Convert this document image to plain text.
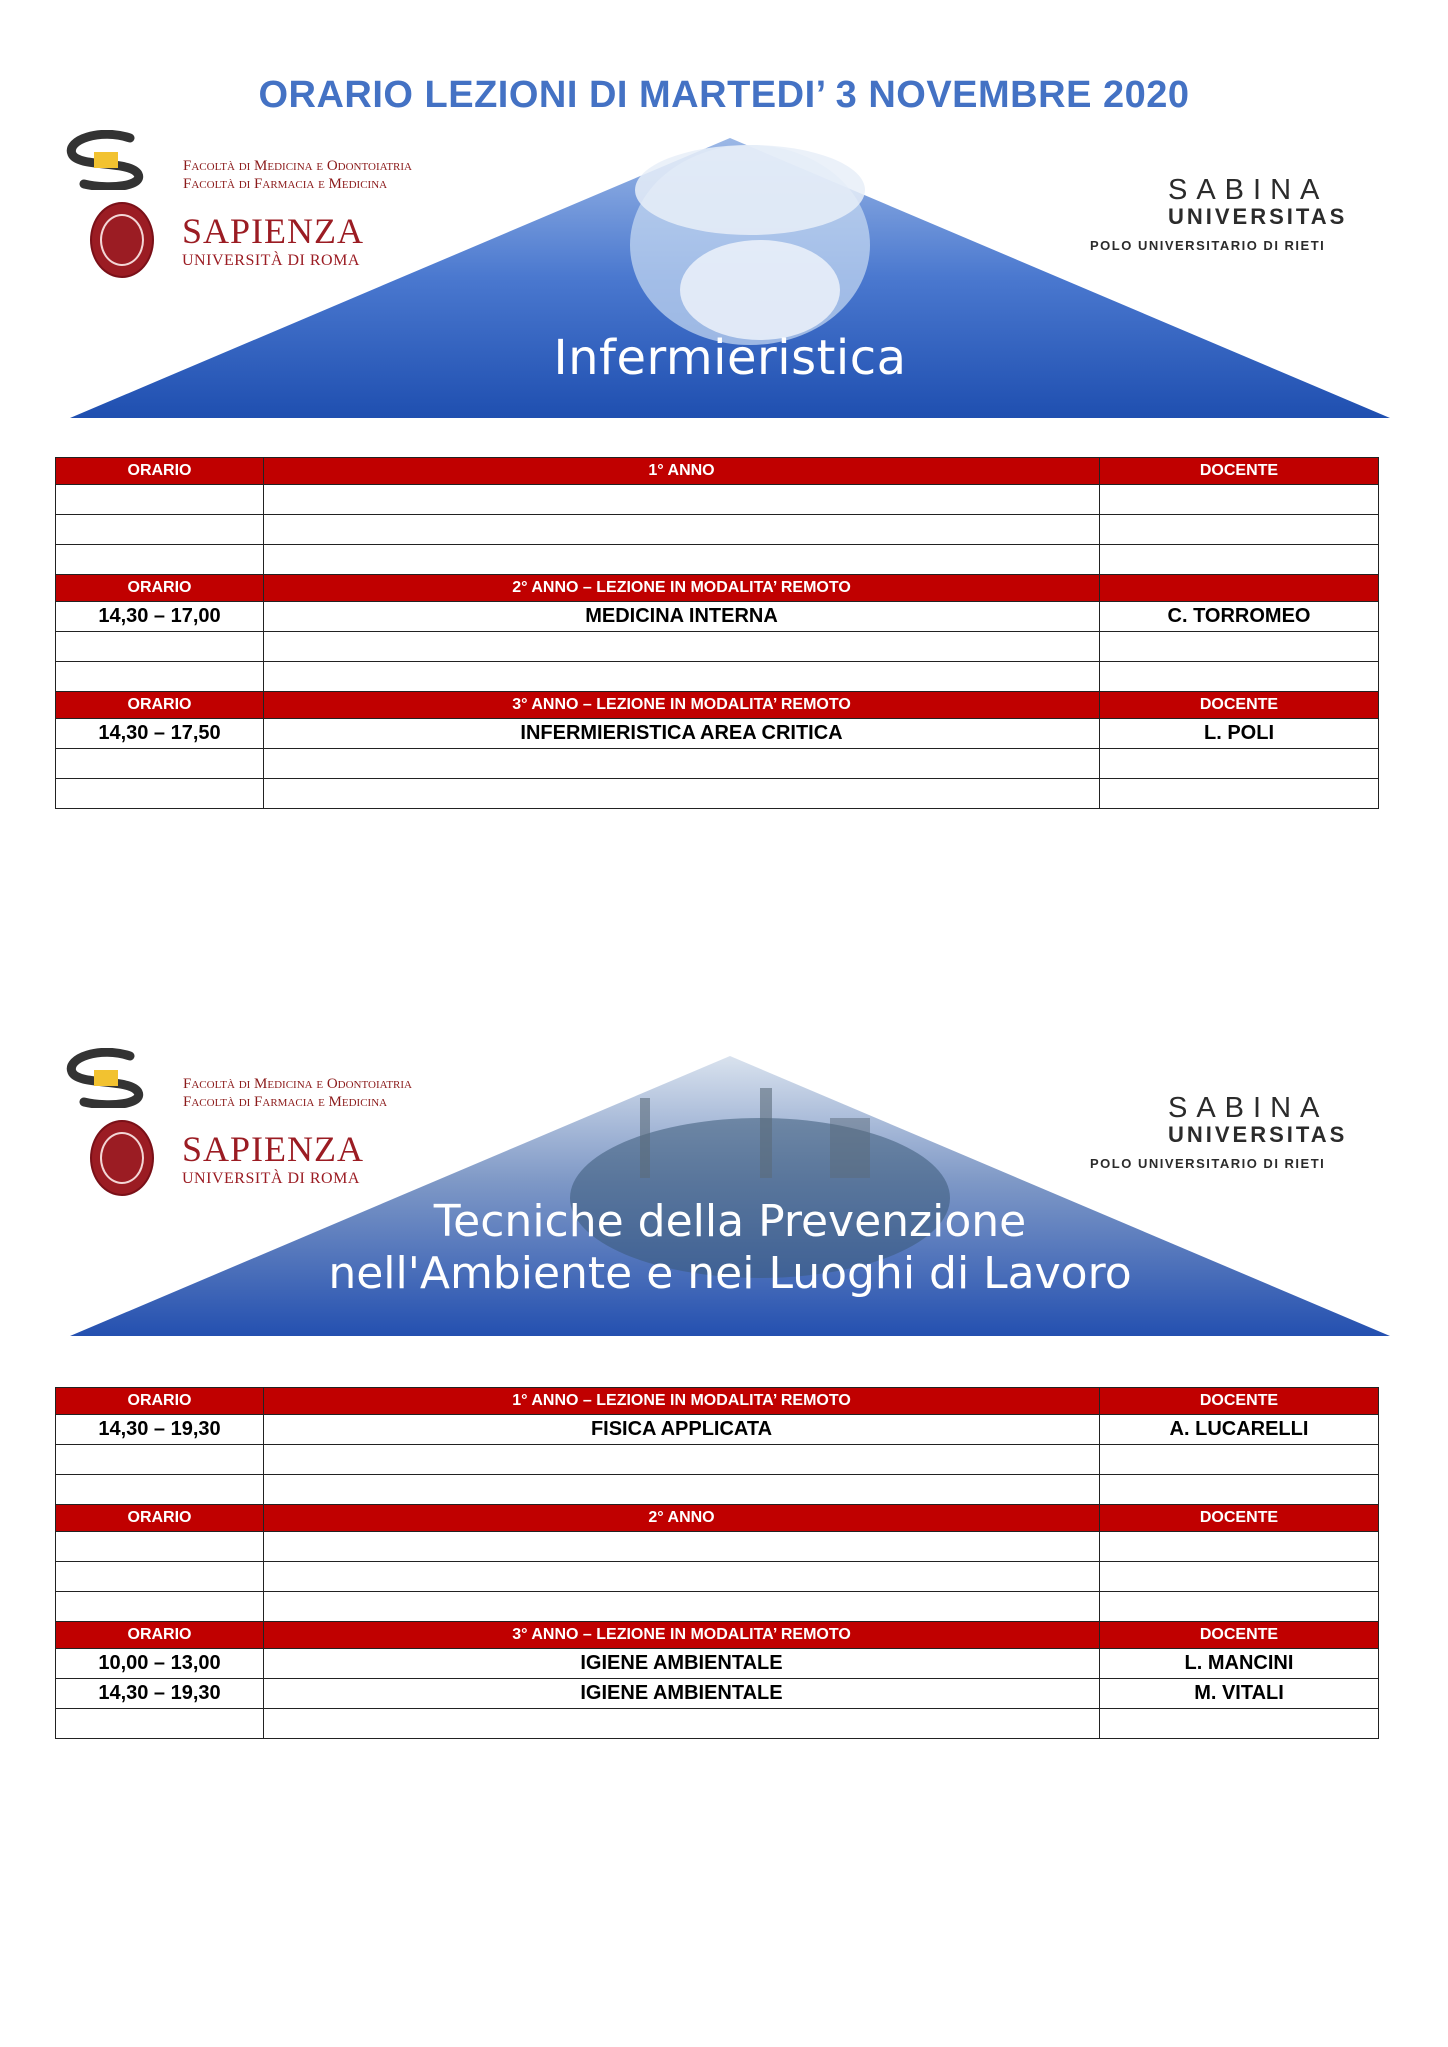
ORARIO LEZIONI DI MARTEDI’ 3 NOVEMBRE 2020
Facoltà di Medicina e Odontoiatria
Facoltà di Farmacia e Medicina
SAPIENZA
UNIVERSITÀ DI ROMA
SABINA
UNIVERSITAS
POLO UNIVERSITARIO DI RIETI
Infermieristica
ORARIO	1° ANNO	DOCENTE

ORARIO	2° ANNO – LEZIONE IN MODALITA’ REMOTO	
14,30 – 17,00	MEDICINA INTERNA	C. TORROMEO

ORARIO	3° ANNO – LEZIONE IN MODALITA’ REMOTO	DOCENTE
14,30 – 17,50	INFERMIERISTICA AREA CRITICA	L. POLI

Facoltà di Medicina e Odontoiatria
Facoltà di Farmacia e Medicina
SAPIENZA
UNIVERSITÀ DI ROMA
SABINA
UNIVERSITAS
POLO UNIVERSITARIO DI RIETI
Tecniche della Prevenzione
nell'Ambiente e nei Luoghi di Lavoro
ORARIO	1° ANNO – LEZIONE IN MODALITA’ REMOTO	DOCENTE
14,30 – 19,30	FISICA APPLICATA	A. LUCARELLI

ORARIO	2° ANNO	DOCENTE

ORARIO	3° ANNO – LEZIONE IN MODALITA’ REMOTO	DOCENTE
10,00 – 13,00	IGIENE AMBIENTALE	L. MANCINI
14,30 – 19,30	IGIENE AMBIENTALE	M. VITALI
